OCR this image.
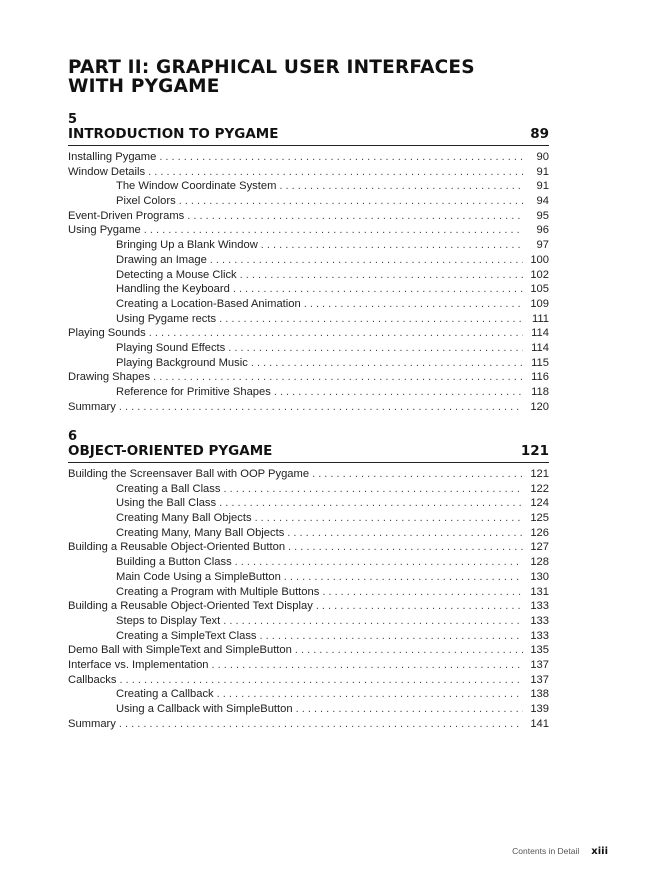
PART II: GRAPHICAL USER INTERFACES
WITH PYGAME
5
INTRODUCTION TO PYGAME	89
Installing Pygame . . .	90
Window Details . . .	91
The Window Coordinate System . . .	91
Pixel Colors . . .	94
Event-Driven Programs . . .	95
Using Pygame . . .	96
Bringing Up a Blank Window . . .	97
Drawing an Image . . .	100
Detecting a Mouse Click . . .	102
Handling the Keyboard . . .	105
Creating a Location-Based Animation . . .	109
Using Pygame rects . . .	111
Playing Sounds . . .	114
Playing Sound Effects . . .	114
Playing Background Music . . .	115
Drawing Shapes . . .	116
Reference for Primitive Shapes . . .	118
Summary . . .	120
6
OBJECT-ORIENTED PYGAME	121
Building the Screensaver Ball with OOP Pygame . . .	121
Creating a Ball Class . . .	122
Using the Ball Class . . .	124
Creating Many Ball Objects . . .	125
Creating Many, Many Ball Objects . . .	126
Building a Reusable Object-Oriented Button . . .	127
Building a Button Class . . .	128
Main Code Using a SimpleButton . . .	130
Creating a Program with Multiple Buttons . . .	131
Building a Reusable Object-Oriented Text Display . . .	133
Steps to Display Text . . .	133
Creating a SimpleText Class . . .	133
Demo Ball with SimpleText and SimpleButton . . .	135
Interface vs. Implementation . . .	137
Callbacks . . .	137
Creating a Callback . . .	138
Using a Callback with SimpleButton . . .	139
Summary . . .	141
Contents in Detail xiii
